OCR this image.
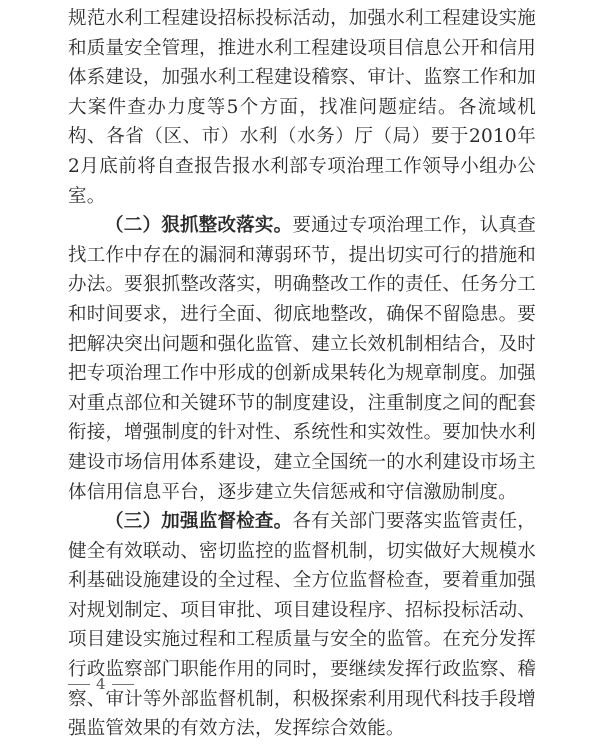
规范水利工程建设招标投标活动，加强水利工程建设实施和质量安全管理，推进水利工程建设项目信息公开和信用体系建设，加强水利工程建设稽察、审计、监察工作和加大案件查办力度等5个方面，找准问题症结。各流域机构、各省（区、市）水利（水务）厅（局）要于2010年2月底前将自查报告报水利部专项治理工作领导小组办公室。

（二）狠抓整改落实。要通过专项治理工作，认真查找工作中存在的漏洞和薄弱环节，提出切实可行的措施和办法。要狠抓整改落实，明确整改工作的责任、任务分工和时间要求，进行全面、彻底地整改，确保不留隐患。要把解决突出问题和强化监管、建立长效机制相结合，及时把专项治理工作中形成的创新成果转化为规章制度。加强对重点部位和关键环节的制度建设，注重制度之间的配套衔接，增强制度的针对性、系统性和实效性。要加快水利建设市场信用体系建设，建立全国统一的水利建设市场主体信用信息平台，逐步建立失信惩戒和守信激励制度。

（三）加强监督检查。各有关部门要落实监管责任，健全有效联动、密切监控的监督机制，切实做好大规模水利基础设施建设的全过程、全方位监督检查，要着重加强对规划制定、项目审批、项目建设程序、招标投标活动、项目建设实施过程和工程质量与安全的监管。在充分发挥行政监察部门职能作用的同时，要继续发挥行政监察、稽察、审计等外部监督机制，积极探索利用现代科技手段增强监管效果的有效方法，发挥综合效能。

4
